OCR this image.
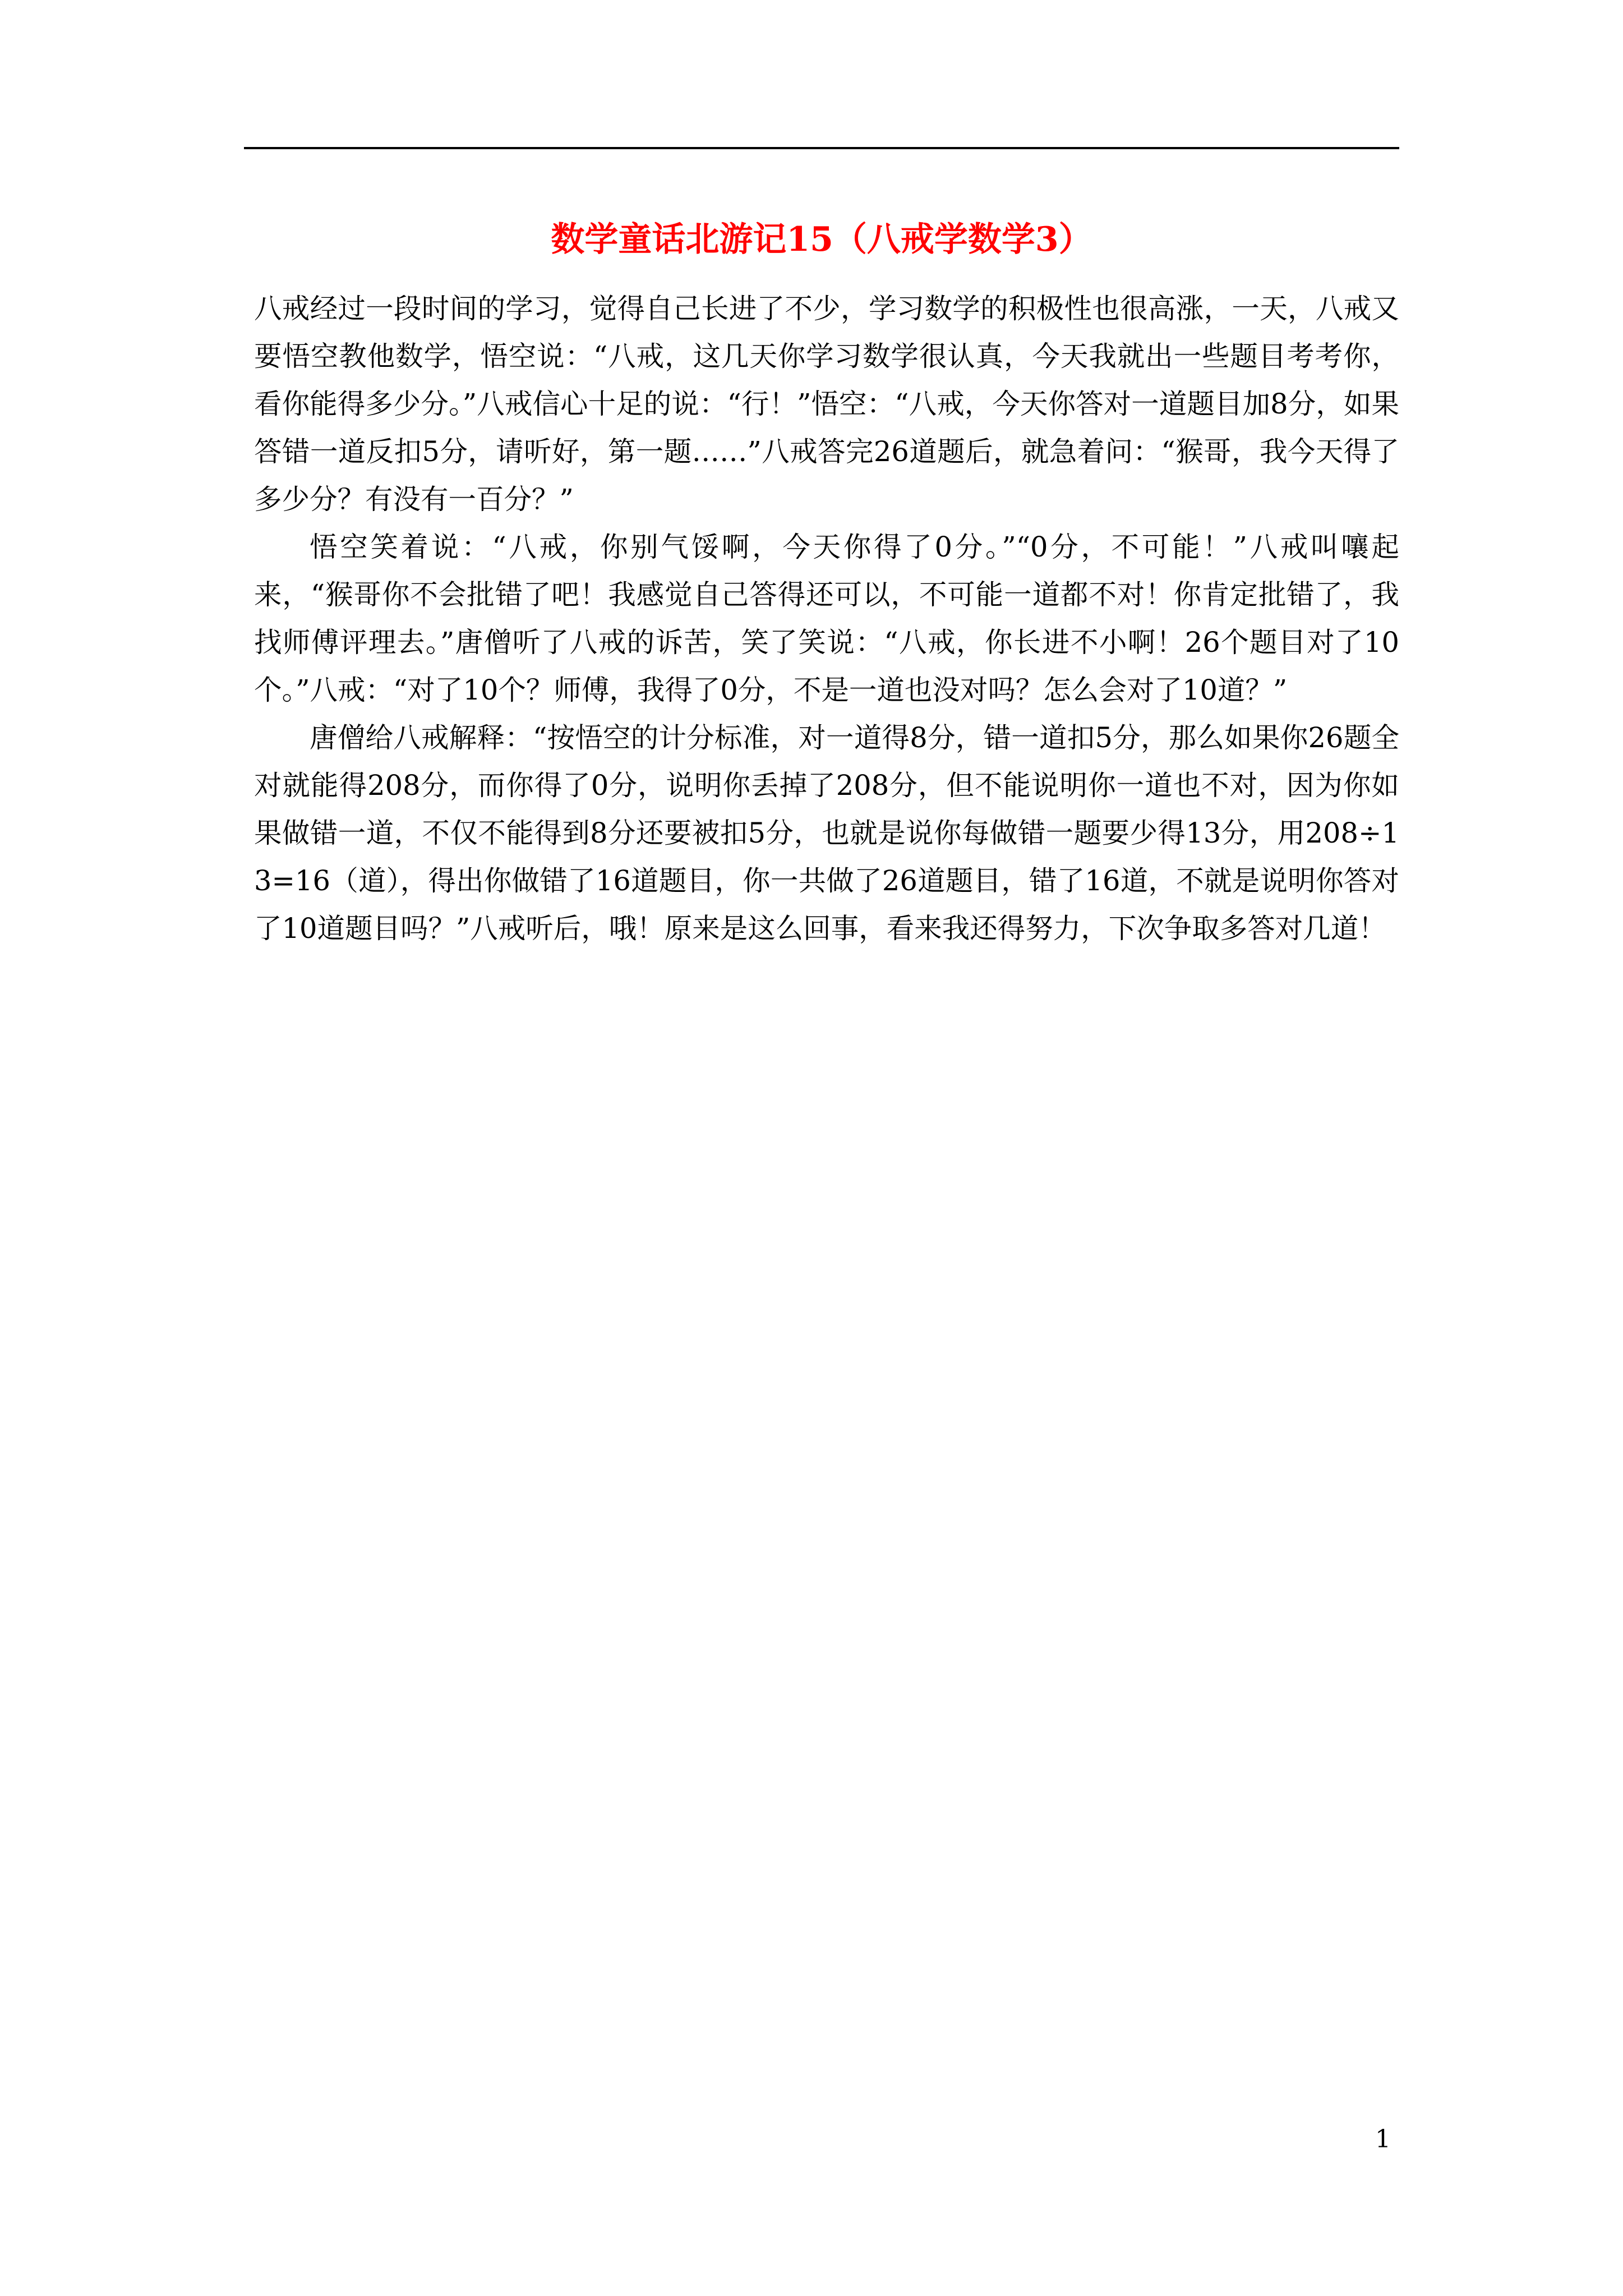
数学童话北游记15（八戒学数学3）

八戒经过一段时间的学习，觉得自己长进了不少，学习数学的积极性也很高涨，一天，八戒又要悟空教他数学，悟空说：“八戒，这几天你学习数学很认真，今天我就出一些题目考考你，看你能得多少分。”八戒信心十足的说：“行！”悟空：“八戒，今天你答对一道题目加8分，如果答错一道反扣5分，请听好，第一题……”八戒答完26道题后，就急着问：“猴哥，我今天得了多少分？有没有一百分？”

悟空笑着说：“八戒，你别气馁啊，今天你得了0分。”“0分，不可能！”八戒叫嚷起来，“猴哥你不会批错了吧！我感觉自己答得还可以，不可能一道都不对！你肯定批错了，我找师傅评理去。”唐僧听了八戒的诉苦，笑了笑说：“八戒，你长进不小啊！26个题目对了10个。”八戒：“对了10个？师傅，我得了0分，不是一道也没对吗？怎么会对了10道？”

唐僧给八戒解释：“按悟空的计分标准，对一道得8分，错一道扣5分，那么如果你26题全对就能得208分，而你得了0分，说明你丢掉了208分，但不能说明你一道也不对，因为你如果做错一道，不仅不能得到8分还要被扣5分，也就是说你每做错一题要少得13分，用208÷13=16（道），得出你做错了16道题目，你一共做了26道题目，错了16道，不就是说明你答对了10道题目吗？”八戒听后，哦！原来是这么回事，看来我还得努力，下次争取多答对几道！

1
